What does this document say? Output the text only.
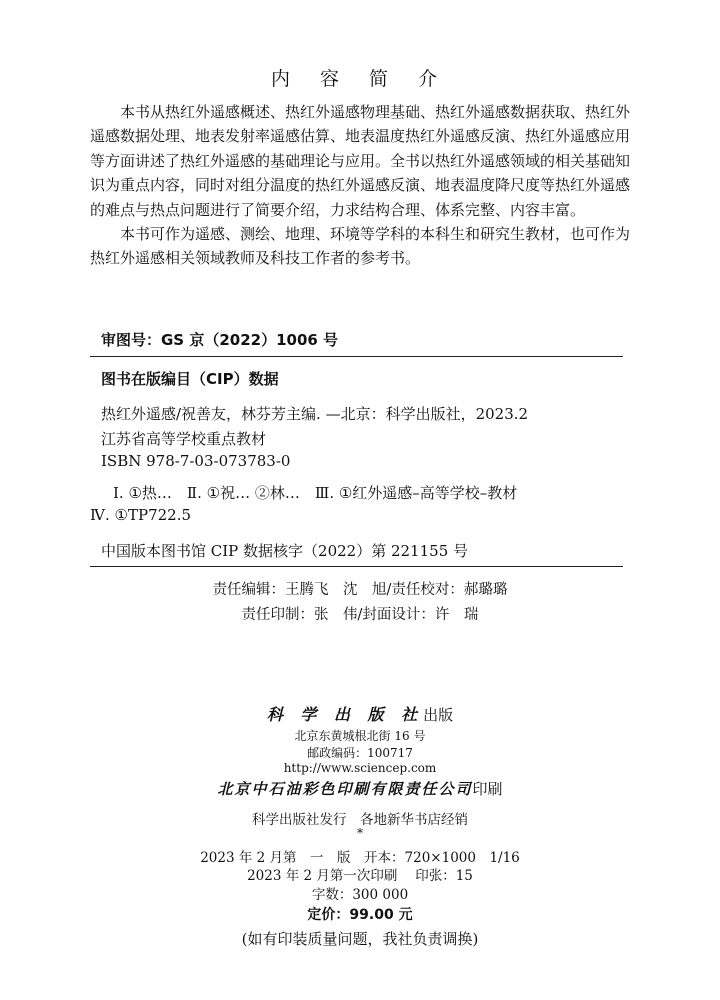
内 容 简 介

本书从热红外遥感概述、热红外遥感物理基础、热红外遥感数据获取、热红外遥感数据处理、地表发射率遥感估算、地表温度热红外遥感反演、热红外遥感应用等方面讲述了热红外遥感的基础理论与应用。全书以热红外遥感领域的相关基础知识为重点内容，同时对组分温度的热红外遥感反演、地表温度降尺度等热红外遥感的难点与热点问题进行了简要介绍，力求结构合理、体系完整、内容丰富。

本书可作为遥感、测绘、地理、环境等学科的本科生和研究生教材，也可作为热红外遥感相关领域教师及科技工作者的参考书。

审图号：GS 京（2022）1006 号
图书在版编目（CIP）数据
热红外遥感/祝善友，林芬芳主编. —北京：科学出版社，2023.2
江苏省高等学校重点教材
ISBN 978-7-03-073783-0
Ⅰ. ①热…　Ⅱ. ①祝… ②林…　Ⅲ. ①红外遥感–高等学校–教材
Ⅳ. ①TP722.5
中国版本图书馆 CIP 数据核字（2022）第 221155 号
责任编辑：王腾飞　沈　旭/责任校对：郝璐璐
责任印制：张　伟/封面设计：许　瑞
科 学 出 版 社出版
北京东黄城根北街 16 号
邮政编码：100717
http://www.sciencep.com
北京中石油彩色印刷有限责任公司印刷
科学出版社发行　各地新华书店经销
*
2023 年 2 月第　一　版　开本：720×1000　1/16
2023 年 2 月第一次印刷　 印张：15
字数：300 000
定价：99.00 元
(如有印装质量问题，我社负责调换)
